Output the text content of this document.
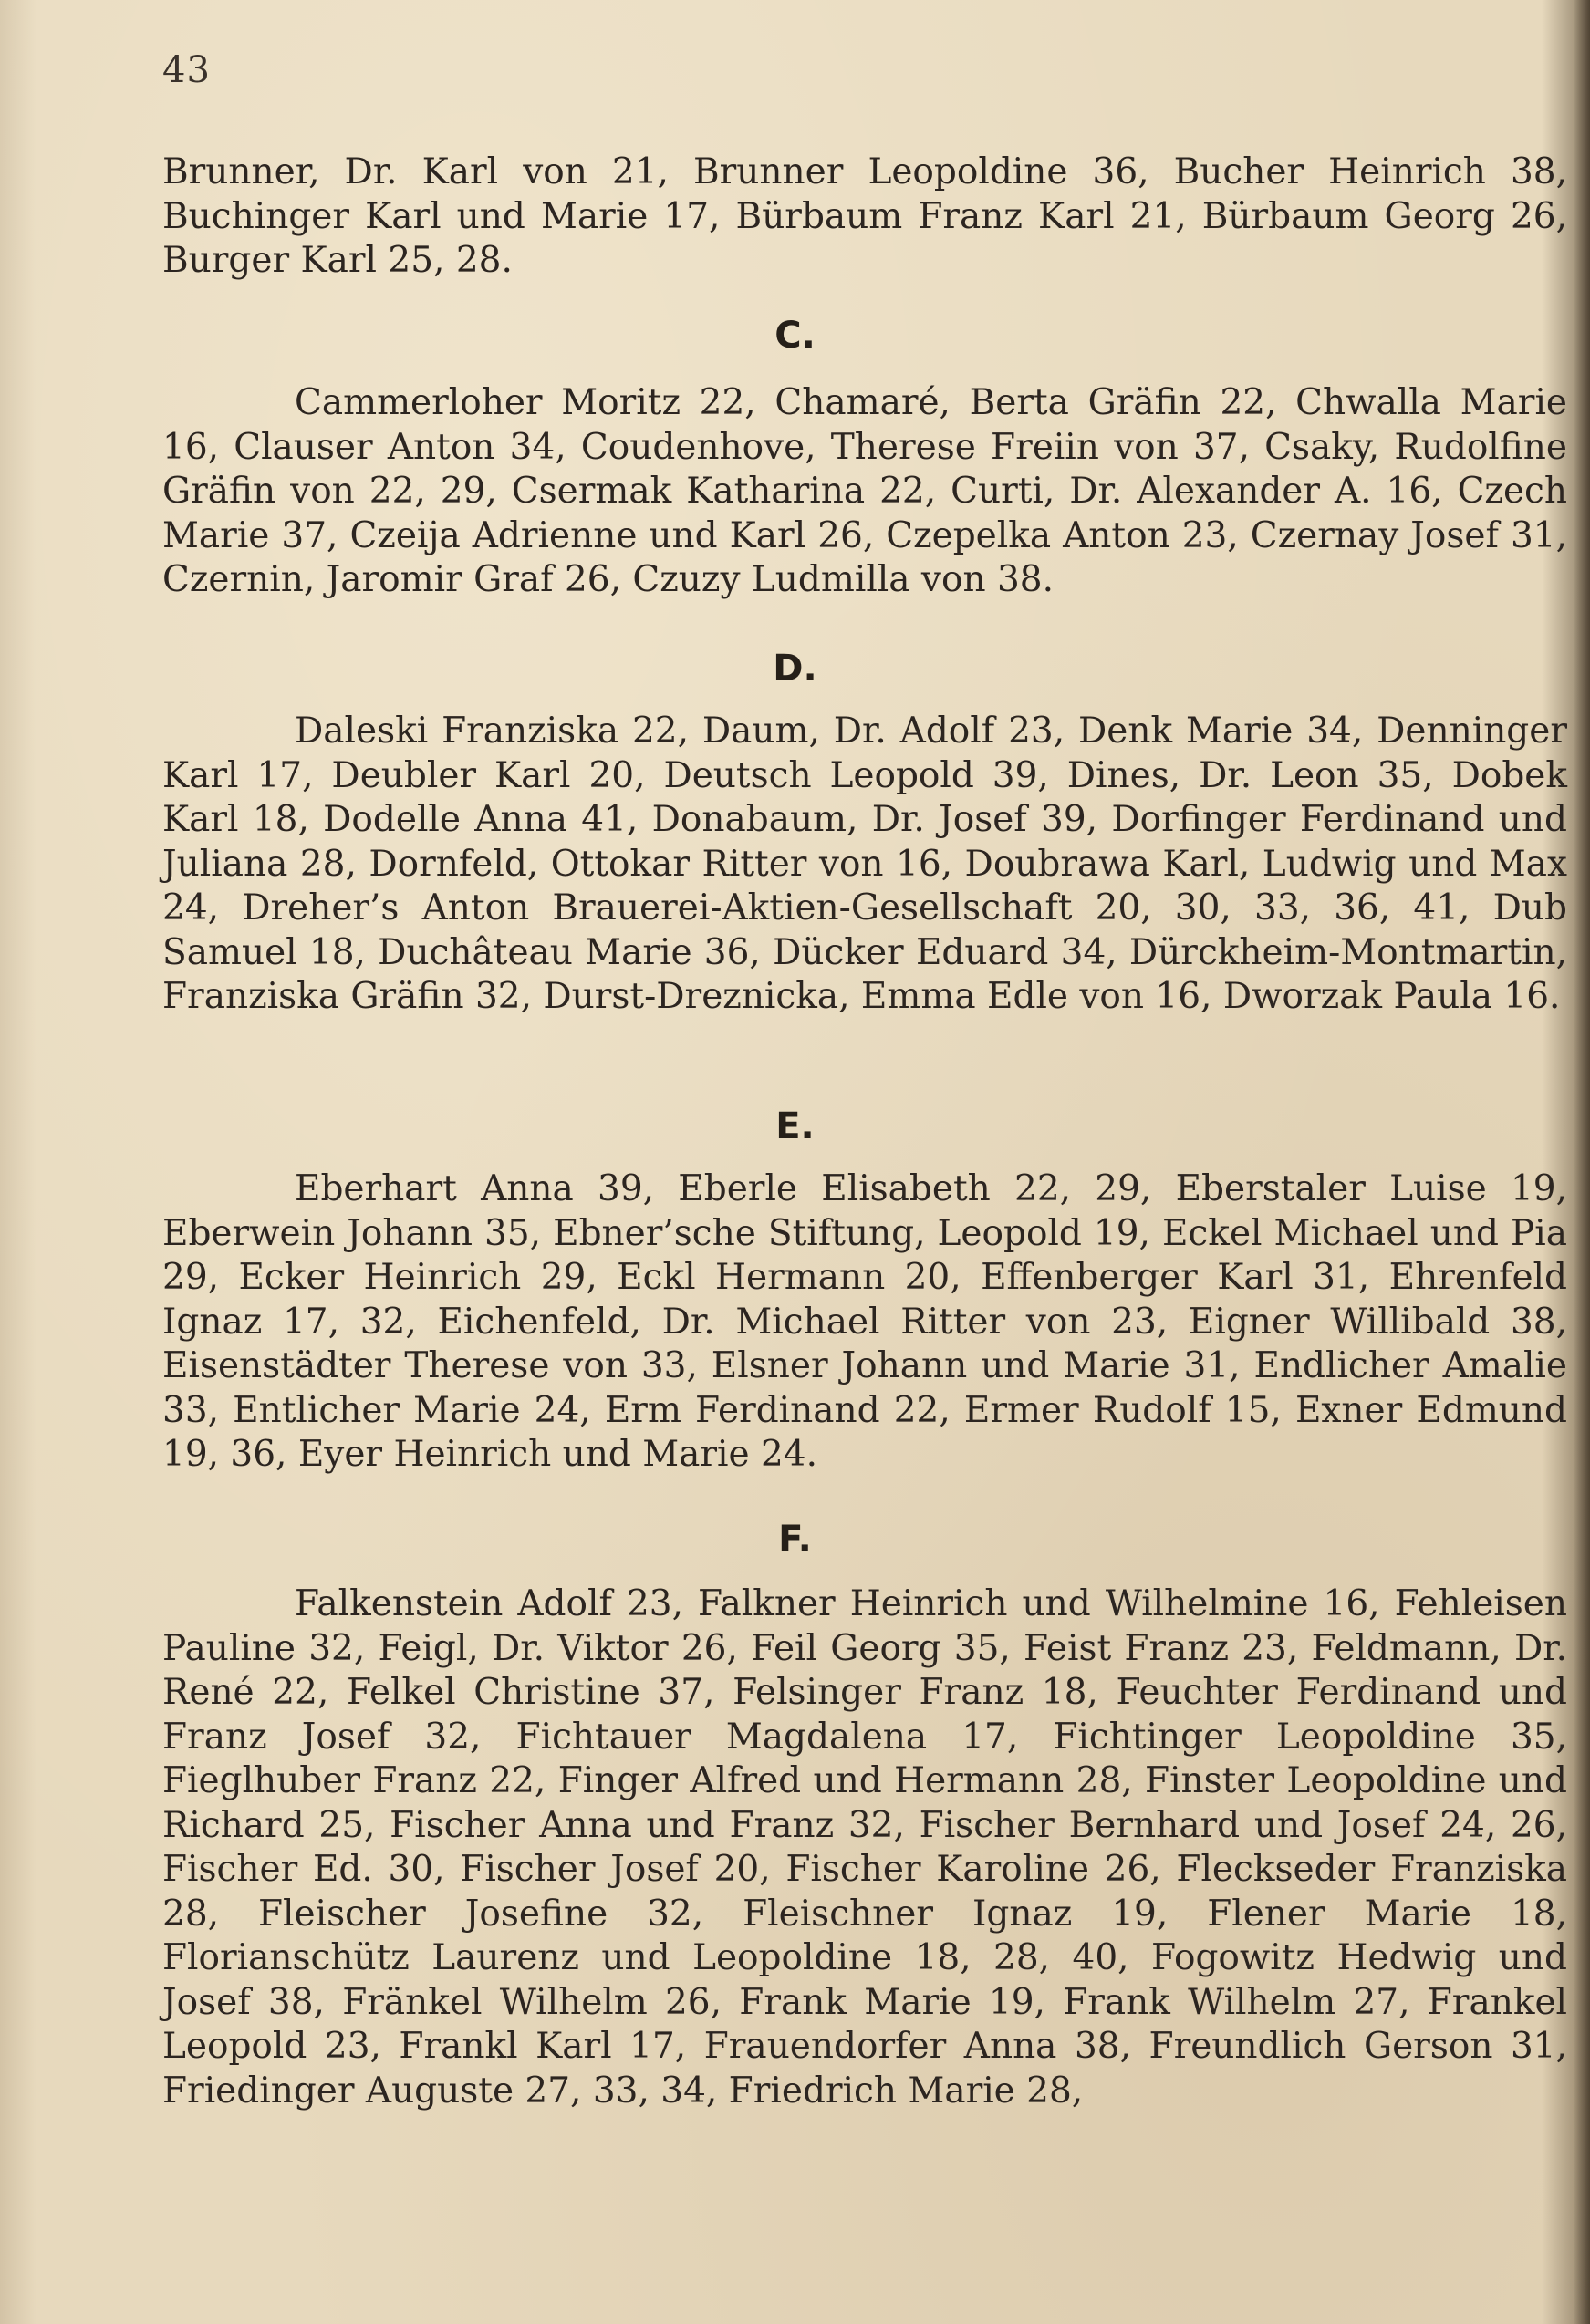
43
Brunner, Dr. Karl von 21, Brunner Leopoldine 36, Bucher Heinrich 38, Buchinger Karl und Marie 17, Bürbaum Franz Karl 21, Bürbaum Georg 26, Burger Karl 25, 28.
C.
Cammerloher Moritz 22, Chamaré, Berta Gräfin 22, Chwalla Marie 16, Clauser Anton 34, Coudenhove, Therese Freiin von 37, Csaky, Rudolfine Gräfin von 22, 29, Csermak Katharina 22, Curti, Dr. Alexander A. 16, Czech Marie 37, Czeija Adrienne und Karl 26, Czepelka Anton 23, Czernay Josef 31, Czernin, Jaromir Graf 26, Czuzy Ludmilla von 38.
D.
Daleski Franziska 22, Daum, Dr. Adolf 23, Denk Marie 34, Denninger Karl 17, Deubler Karl 20, Deutsch Leopold 39, Dines, Dr. Leon 35, Dobek Karl 18, Dodelle Anna 41, Donabaum, Dr. Josef 39, Dorfinger Ferdinand und Juliana 28, Dornfeld, Ottokar Ritter von 16, Doubrawa Karl, Ludwig und Max 24, Dreher’s Anton Brauerei-Aktien-Gesellschaft 20, 30, 33, 36, 41, Dub Samuel 18, Duchâteau Marie 36, Dücker Eduard 34, Dürckheim-Montmartin, Franziska Gräfin 32, Durst-Dreznicka, Emma Edle von 16, Dworzak Paula 16.
E.
Eberhart Anna 39, Eberle Elisabeth 22, 29, Eberstaler Luise 19, Eberwein Johann 35, Ebner’sche Stiftung, Leopold 19, Eckel Michael und Pia 29, Ecker Heinrich 29, Eckl Hermann 20, Effenberger Karl 31, Ehrenfeld Ignaz 17, 32, Eichenfeld, Dr. Michael Ritter von 23, Eigner Willibald 38, Eisenstädter Therese von 33, Elsner Johann und Marie 31, Endlicher Amalie 33, Entlicher Marie 24, Erm Ferdinand 22, Ermer Rudolf 15, Exner Edmund 19, 36, Eyer Heinrich und Marie 24.
F.
Falkenstein Adolf 23, Falkner Heinrich und Wilhelmine 16, Fehleisen Pauline 32, Feigl, Dr. Viktor 26, Feil Georg 35, Feist Franz 23, Feldmann, Dr. René 22, Felkel Christine 37, Felsinger Franz 18, Feuchter Ferdinand und Franz Josef 32, Fichtauer Magdalena 17, Fichtinger Leopoldine 35, Fieglhuber Franz 22, Finger Alfred und Hermann 28, Finster Leopoldine und Richard 25, Fischer Anna und Franz 32, Fischer Bernhard und Josef 24, 26, Fischer Ed. 30, Fischer Josef 20, Fischer Karoline 26, Fleckseder Franziska 28, Fleischer Josefine 32, Fleischner Ignaz 19, Flener Marie 18, Florianschütz Laurenz und Leopoldine 18, 28, 40, Fogowitz Hedwig und Josef 38, Fränkel Wilhelm 26, Frank Marie 19, Frank Wilhelm 27, Frankel Leopold 23, Frankl Karl 17, Frauendorfer Anna 38, Freundlich Gerson 31, Friedinger Auguste 27, 33, 34, Friedrich Marie 28,
